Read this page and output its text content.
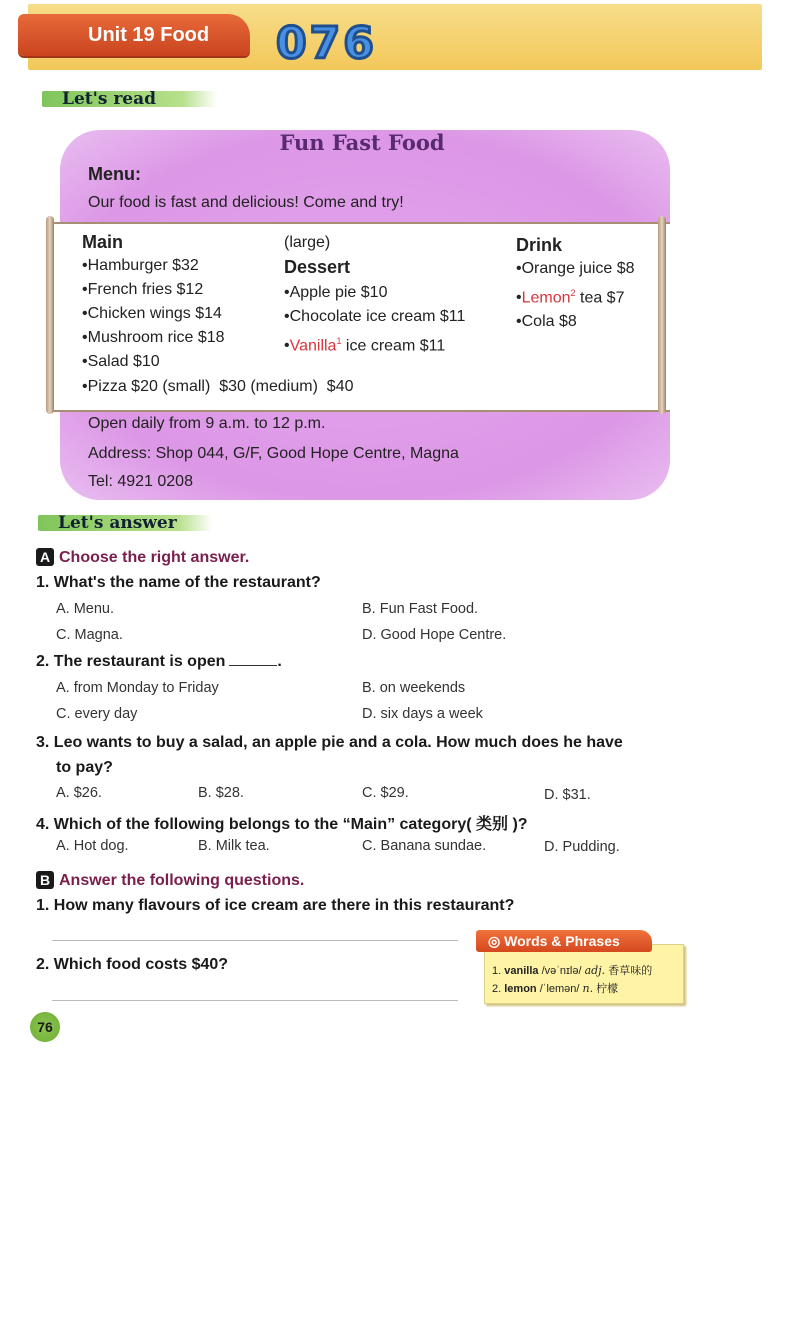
Unit 19 Food	076
Let's read
Fun Fast Food
Menu:
Our food is fast and delicious! Come and try!
Main
• Hamburger $32
• French fries $12
• Chicken wings $14
• Mushroom rice $18
• Salad $10
•Pizza $20 (small)  $30 (medium)  $40
(large)
Dessert
• Apple pie $10
• Chocolate ice cream $11
• Vanilla$^1$ ice cream $11
Drink
• Orange juice $8
• Lemon$^2$ tea $7
• Cola $8
Open daily from 9 a.m. to 12 p.m.
Address: Shop 044, G/F, Good Hope Centre, Magna
Tel: 4921 0208
Let's answer
A Choose the right answer.
1. What's the name of the restaurant?
A. Menu.	B. Fun Fast Food.
C. Magna.	D. Good Hope Centre.
2. The restaurant is open	.
A. from Monday to Friday	B. on weekends
C. every day	D. six days a week
3. Leo wants to buy a salad, an apple pie and a cola. How much does he have
to pay?
A. $26.	B. $28.	C. $29.	D. $31.
4. Which of the following belongs to the “Main” category( 类别 )?
A. Hot dog.	B. Milk tea.	C. Banana sundae.	D. Pudding.
B Answer the following questions.
1. How many flavours of ice cream are there in this restaurant?
2. Which food costs $40?
◎ Words & Phrases
1. vanilla /vəˈnɪlə/ adj. 香草味的
2. lemon /ˈlemən/ n. 柠檬
76
